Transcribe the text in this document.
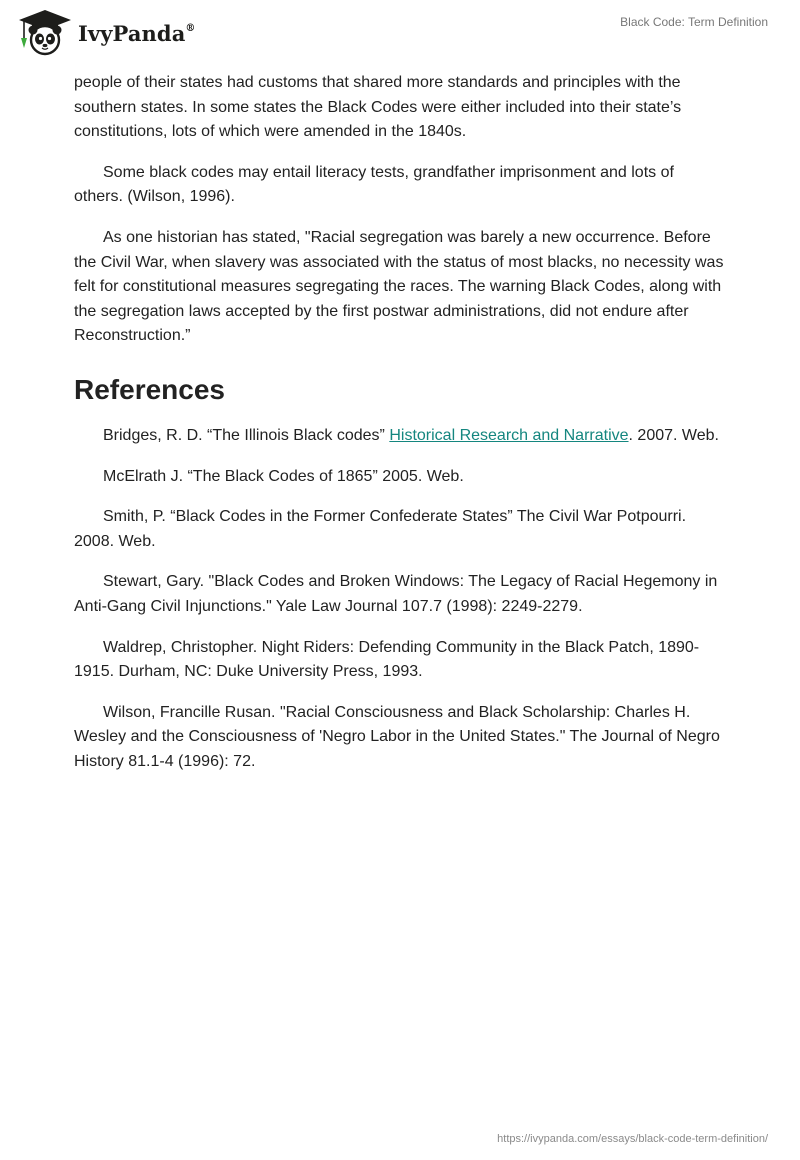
IvyPanda®	Black Code: Term Definition

people of their states had customs that shared more standards and principles with the southern states. In some states the Black Codes were either included into their state’s constitutions, lots of which were amended in the 1840s.

Some black codes may entail literacy tests, grandfather imprisonment and lots of others. (Wilson, 1996).

As one historian has stated, "Racial segregation was barely a new occurrence. Before the Civil War, when slavery was associated with the status of most blacks, no necessity was felt for constitutional measures segregating the races. The warning Black Codes, along with the segregation laws accepted by the first postwar administrations, did not endure after Reconstruction.”

References

Bridges, R. D. “The Illinois Black codes” Historical Research and Narrative. 2007. Web.

McElrath J. “The Black Codes of 1865” 2005. Web.

Smith, P. “Black Codes in the Former Confederate States” The Civil War Potpourri. 2008. Web.

Stewart, Gary. "Black Codes and Broken Windows: The Legacy of Racial Hegemony in Anti-Gang Civil Injunctions." Yale Law Journal 107.7 (1998): 2249-2279.

Waldrep, Christopher. Night Riders: Defending Community in the Black Patch, 1890-1915. Durham, NC: Duke University Press, 1993.

Wilson, Francille Rusan. "Racial Consciousness and Black Scholarship: Charles H. Wesley and the Consciousness of 'Negro Labor in the United States." The Journal of Negro History 81.1-4 (1996): 72.

https://ivypanda.com/essays/black-code-term-definition/
